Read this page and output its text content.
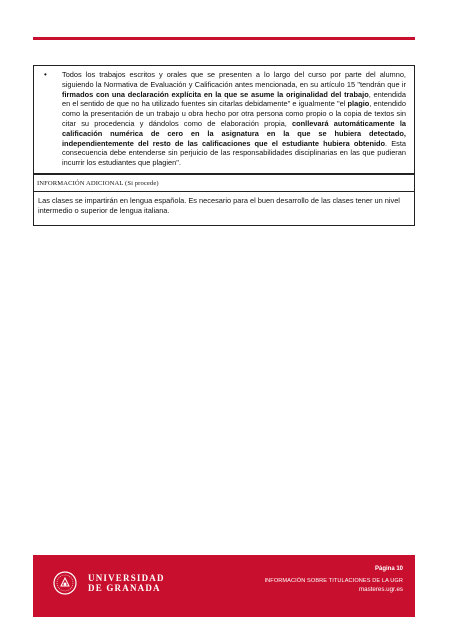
•	Todos los trabajos escritos y orales que se presenten a lo largo del curso por parte del alumno, siguiendo la Normativa de Evaluación y Calificación antes mencionada, en su artículo 15 "tendrán que ir firmados con una declaración explícita en la que se asume la originalidad del trabajo, entendida en el sentido de que no ha utilizado fuentes sin citarlas debidamente" e igualmente "el plagio, entendido como la presentación de un trabajo u obra hecho por otra persona como propio o la copia de textos sin citar su procedencia y dándolos como de elaboración propia, conllevará automáticamente la calificación numérica de cero en la asignatura en la que se hubiera detectado, independientemente del resto de las calificaciones que el estudiante hubiera obtenido. Esta consecuencia debe entenderse sin perjuicio de las responsabilidades disciplinarias en las que pudieran incurrir los estudiantes que plagien".
INFORMACIÓN ADICIONAL (Si procede)
Las clases se impartirán en lengua española. Es necesario para el buen desarrollo de las clases tener un nivel intermedio o superior de lengua italiana.
UNIVERSIDAD
DE GRANADA
Página 10
INFORMACIÓN SOBRE TITULACIONES DE LA UGR
masteres.ugr.es
